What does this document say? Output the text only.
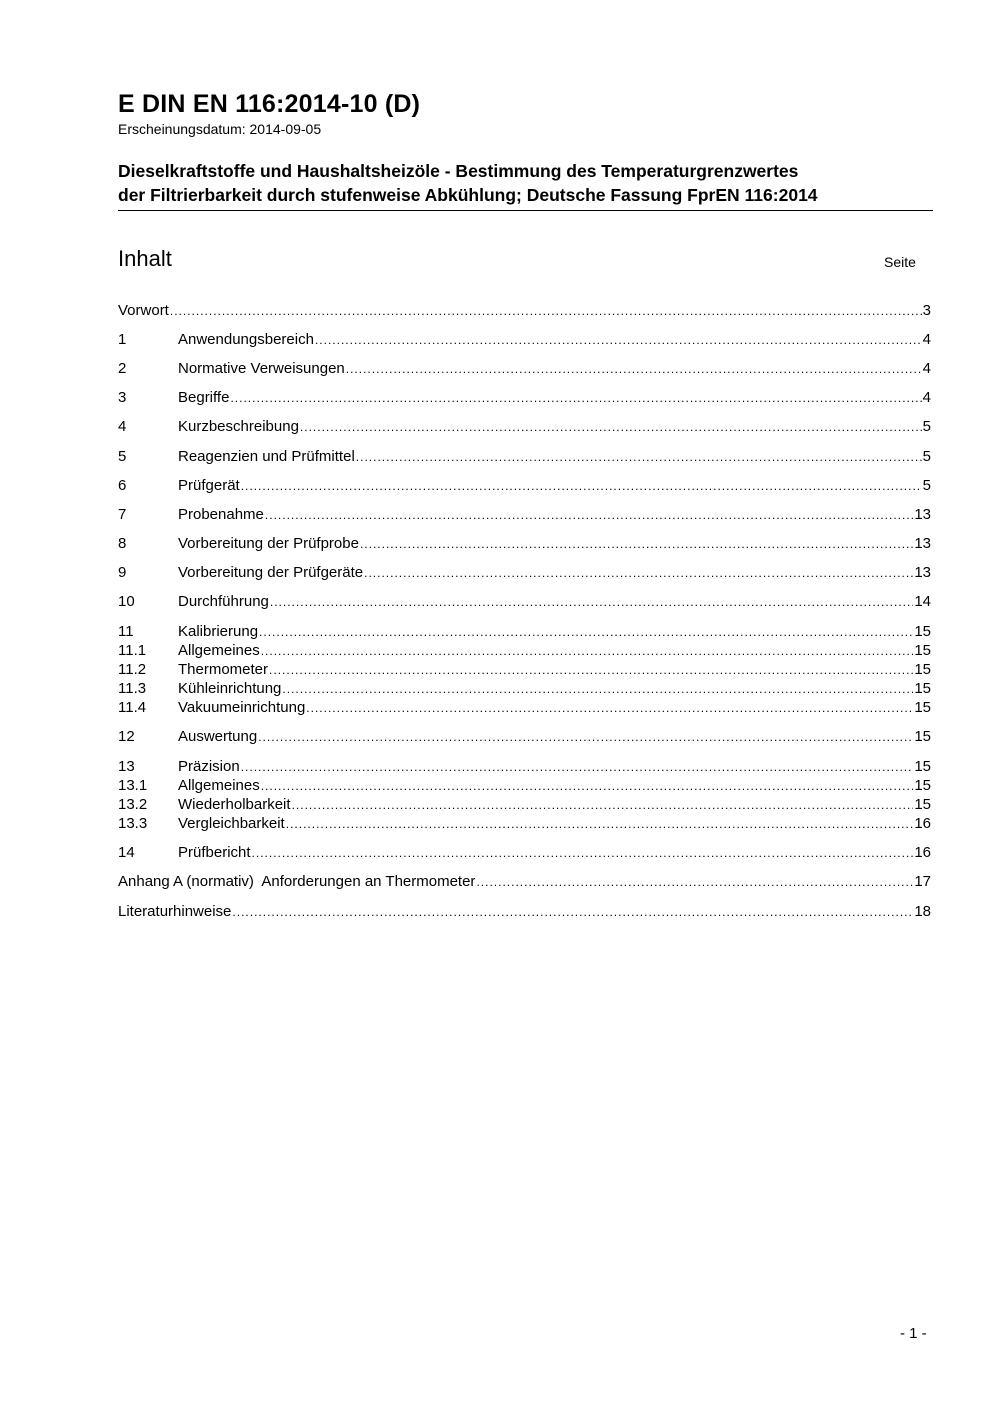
E DIN EN 116:2014-10 (D)
Erscheinungsdatum: 2014-09-05
Dieselkraftstoffe und Haushaltsheizöle - Bestimmung des Temperaturgrenzwertes
der Filtrierbarkeit durch stufenweise Abkühlung; Deutsche Fassung FprEN 116:2014
Inhalt	Seite
Vorwort .....	3
1	Anwendungsbereich .....	4
2	Normative Verweisungen .....	4
3	Begriffe .....	4
4	Kurzbeschreibung .....	5
5	Reagenzien und Prüfmittel .....	5
6	Prüfgerät .....	5
7	Probenahme .....	13
8	Vorbereitung der Prüfprobe .....	13
9	Vorbereitung der Prüfgeräte .....	13
10	Durchführung .....	14
11	Kalibrierung .....	15
11.1	Allgemeines .....	15
11.2	Thermometer .....	15
11.3	Kühleinrichtung .....	15
11.4	Vakuumeinrichtung .....	15
12	Auswertung .....	15
13	Präzision .....	15
13.1	Allgemeines .....	15
13.2	Wiederholbarkeit .....	15
13.3	Vergleichbarkeit .....	16
14	Prüfbericht .....	16
Anhang A (normativ)  Anforderungen an Thermometer .....	17
Literaturhinweise .....	18
- 1 -
